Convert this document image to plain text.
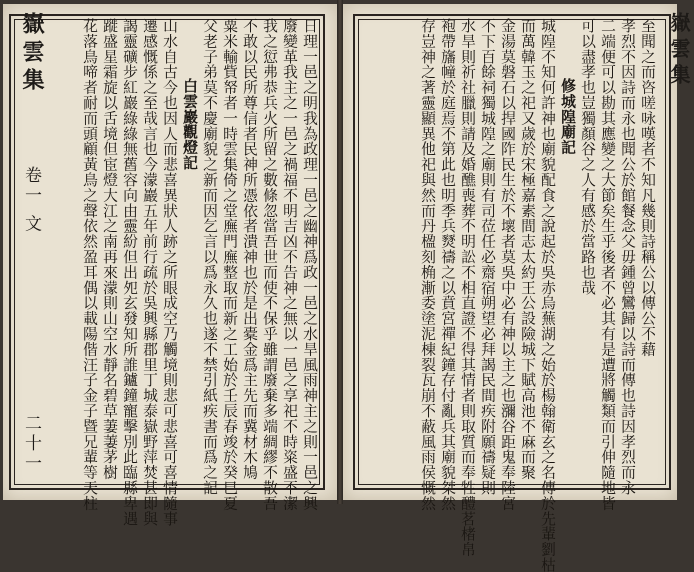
嶽雲集
至聞之而咨嗟咏嘆者不知凡幾則詩稱公以傳公不藉
孝烈不因詩而永也聞公於館餐念父毋鍾曾鸞歸以詩而傳也詩因孝烈而永
二端便可以勘其應變之大節矣生乎後者不必其有是遭將觸類而引伸隨地皆
可以盡孝也豈獨顏谷之人有感於當路也哉
修城隍廟記
城隍不知何許神也廟貌配食之說起於吳赤烏蕪湖之始於楊翰衛玄之名傳於先輩劉枯
而萬韓玉之祀又歲於宋極嘉素間志太約王公設險城下賦高池不麻而聚
金湯莫磐石以捍國阼民生於不壞者莫吳中必有神以主之也瀰谷距鬼奉陸宮
不下百餘祠獨城隍之廟則有司莅任必齋宿朔望必拜謁民間疾附願禱疑則
水旱則祈社臘則請及婚醮喪葬不明訟不相直證不得其情者則取質而奉牲醴茗楮帛
袍帶旛幢於庭焉不第此也明季兵燹禱之以賁宮禪紀鐘存付亂兵其廟貌桀然
存豈神之著靈顯異他祀與然而丹楹刻桷漸委塗泥棟裂瓦崩不蔽風雨侯慨然
嶽雲集
卷一 文
二十一	日理一邑之明我為政理一邑之幽神爲政一邑之水旱風雨神主之則一邑之興
廢變革我主之一邑之禍福不明吉凶不告神之無以一邑之享祀不時粢盛不潔
我之愆弗恭兵火所留之數條忽當吾世而使不保乎雖謂廢棄多端綢繆不散吾
不敢以民所尊信者民神所憑依者潰神也於是出橐金爲主先而冀材木鳩
粟米輸貲帑者一時雲集倚之堂廡門廡整取而新之工始於壬辰春竣於癸巳夏
父老子弟莫不慶廟貌之新而因乞言以爲永久也遂不禁引紙疾書而爲之記
白雲巖觀燈記
山水自古今也因人而悲喜異狀人跡之所眼成空乃觸境則悲可悲喜可喜情隨事
遷感慨係之至哉言也今濛巖五年前行疏於吳興縣郡里丁城泰嶽野萍焚甚即與
謁靈礦步紅巖綠綠無舊容向由靈紛但出夗玄發知所誰鑪鐘寵擊別此臨縣卑遇
蹝盛星霜旋以舌境但宦燈大江之南再來濛則山空水靜名碧草萋萋茅樹
花落鳥啼者耐而頭顧黃鳥之聲依然盈耳偶以載陽偕汪子金子暨兄輩等天柱
